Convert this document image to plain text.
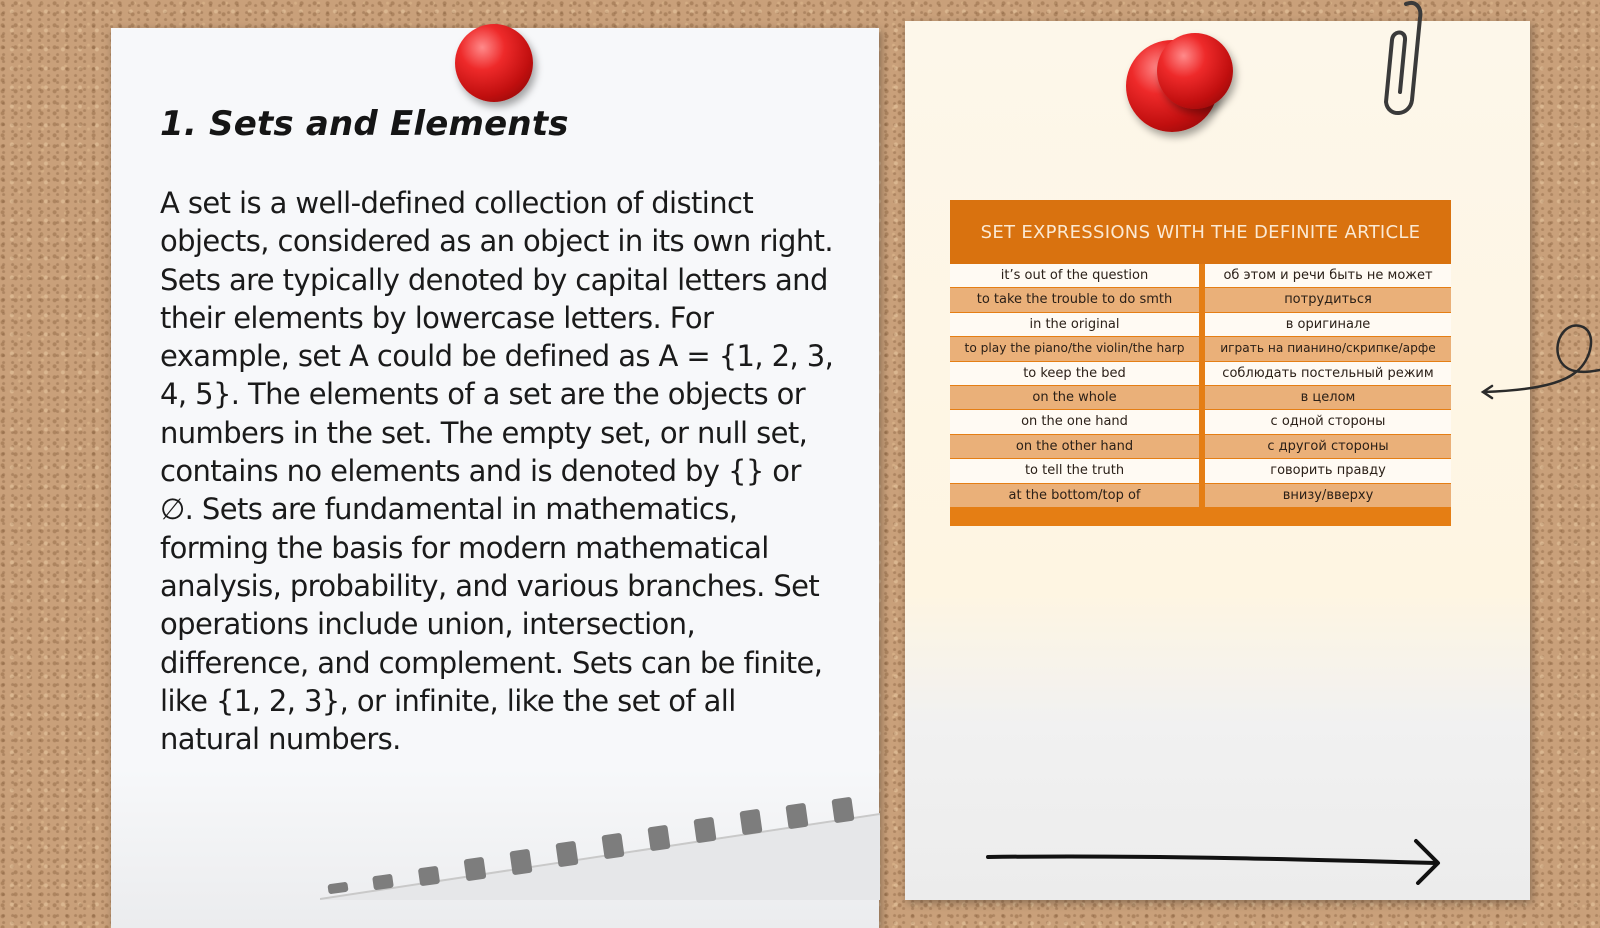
1. Sets and Elements

A set is a well-defined collection of distinct objects, considered as an object in its own right. Sets are typically denoted by capital letters and their elements by lowercase letters. For example, set A could be defined as A = {1, 2, 3, 4, 5}. The elements of a set are the objects or numbers in the set. The empty set, or null set, contains no elements and is denoted by {} or ∅. Sets are fundamental in mathematics, forming the basis for modern mathematical analysis, probability, and various branches. Set operations include union, intersection, difference, and complement. Sets can be finite, like {1, 2, 3}, or infinite, like the set of all natural numbers.

SET EXPRESSIONS WITH THE DEFINITE ARTICLE
it’s out of the question	об этом и речи быть не может
to take the trouble to do smth	потрудиться
in the original	в оригинале
to play the piano/the violin/the harp	играть на пианино/скрипке/арфе
to keep the bed	соблюдать постельный режим
on the whole	в целом
on the one hand	с одной стороны
on the other hand	с другой стороны
to tell the truth	говорить правду
at the bottom/top of	внизу/вверху
